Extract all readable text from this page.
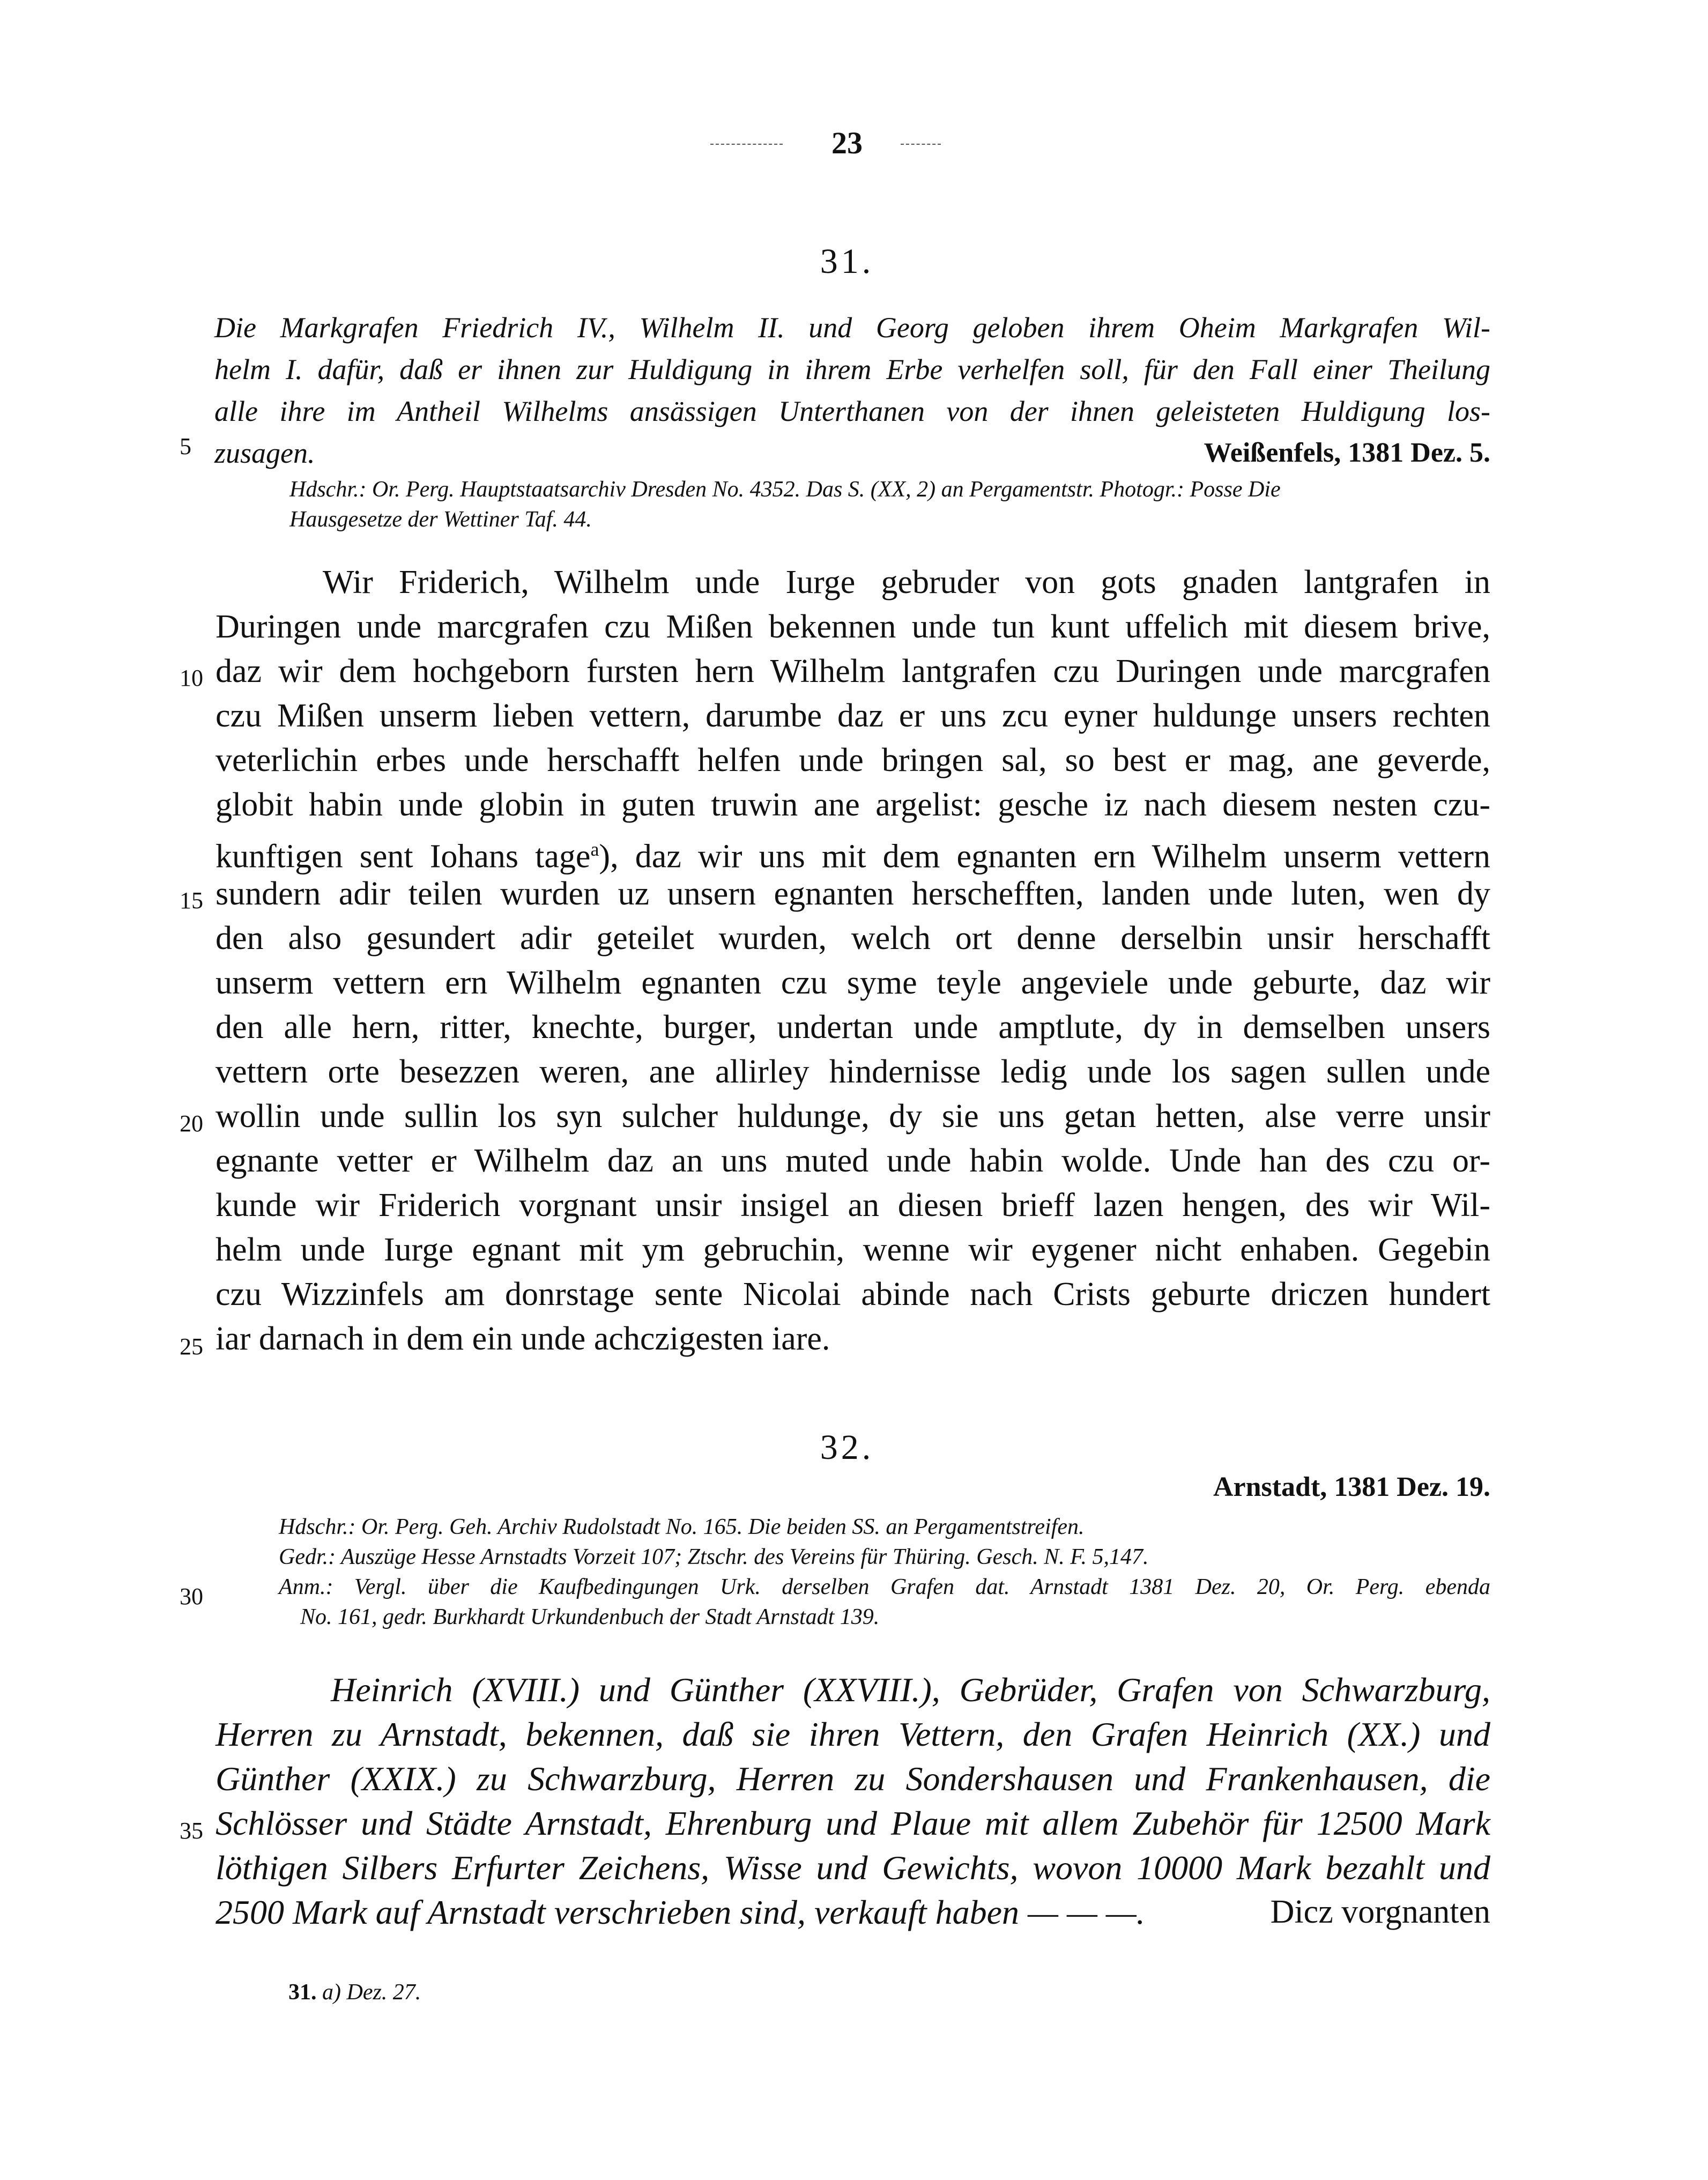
23
31.
Die Markgrafen Friedrich IV., Wilhelm II. und Georg geloben ihrem Oheim Markgrafen Wil-
helm I. dafür, daß er ihnen zur Huldigung in ihrem Erbe verhelfen soll, für den Fall einer Theilung
alle ihre im Antheil Wilhelms ansässigen Unterthanen von der ihnen geleisteten Huldigung los-
zusagen.	Weißenfels, 1381 Dez. 5.
Hdschr.: Or. Perg. Hauptstaatsarchiv Dresden No. 4352. Das S. (XX, 2) an Pergamentstr. Photogr.: Posse Die
Hausgesetze der Wettiner Taf. 44.
Wir Friderich, Wilhelm unde Iurge gebruder von gots gnaden lantgrafen in
Duringen unde marcgrafen czu Mißen bekennen unde tun kunt uffelich mit diesem brive,
daz wir dem hochgeborn fursten hern Wilhelm lantgrafen czu Duringen unde marcgrafen
czu Mißen unserm lieben vettern, darumbe daz er uns zcu eyner huldunge unsers rechten
veterlichin erbes unde herschafft helfen unde bringen sal, so best er mag, ane geverde,
globit habin unde globin in guten truwin ane argelist: gesche iz nach diesem nesten czu-
kunftigen sent Iohans tage$^a$), daz wir uns mit dem egnanten ern Wilhelm unserm vettern
sundern adir teilen wurden uz unsern egnanten herschefften, landen unde luten, wen dy
den also gesundert adir geteilet wurden, welch ort denne derselbin unsir herschafft
unserm vettern ern Wilhelm egnanten czu syme teyle angeviele unde geburte, daz wir
den alle hern, ritter, knechte, burger, undertan unde amptlute, dy in demselben unsers
vettern orte besezzen weren, ane allirley hindernisse ledig unde los sagen sullen unde
wollin unde sullin los syn sulcher huldunge, dy sie uns getan hetten, alse verre unsir
egnante vetter er Wilhelm daz an uns muted unde habin wolde. Unde han des czu or-
kunde wir Friderich vorgnant unsir insigel an diesen brieff lazen hengen, des wir Wil-
helm unde Iurge egnant mit ym gebruchin, wenne wir eygener nicht enhaben. Gegebin
czu Wizzinfels am donrstage sente Nicolai abinde nach Crists geburte driczen hundert
iar darnach in dem ein unde achczigesten iare.
32.
Arnstadt, 1381 Dez. 19.
Hdschr.: Or. Perg. Geh. Archiv Rudolstadt No. 165. Die beiden SS. an Pergamentstreifen.
Gedr.: Auszüge Hesse Arnstadts Vorzeit 107; Ztschr. des Vereins für Thüring. Gesch. N. F. 5,147.
Anm.: Vergl. über die Kaufbedingungen Urk. derselben Grafen dat. Arnstadt 1381 Dez. 20, Or. Perg. ebenda
No. 161, gedr. Burkhardt Urkundenbuch der Stadt Arnstadt 139.
Heinrich (XVIII.) und Günther (XXVIII.), Gebrüder, Grafen von Schwarzburg,
Herren zu Arnstadt, bekennen, daß sie ihren Vettern, den Grafen Heinrich (XX.) und
Günther (XXIX.) zu Schwarzburg, Herren zu Sondershausen und Frankenhausen, die
Schlösser und Städte Arnstadt, Ehrenburg und Plaue mit allem Zubehör für 12500 Mark
löthigen Silbers Erfurter Zeichens, Wisse und Gewichts, wovon 10000 Mark bezahlt und
2500 Mark auf Arnstadt verschrieben sind, verkauft haben — — —.	Dicz vorgnanten
5
10
15
20
25
30
35
31. a) Dez. 27.
